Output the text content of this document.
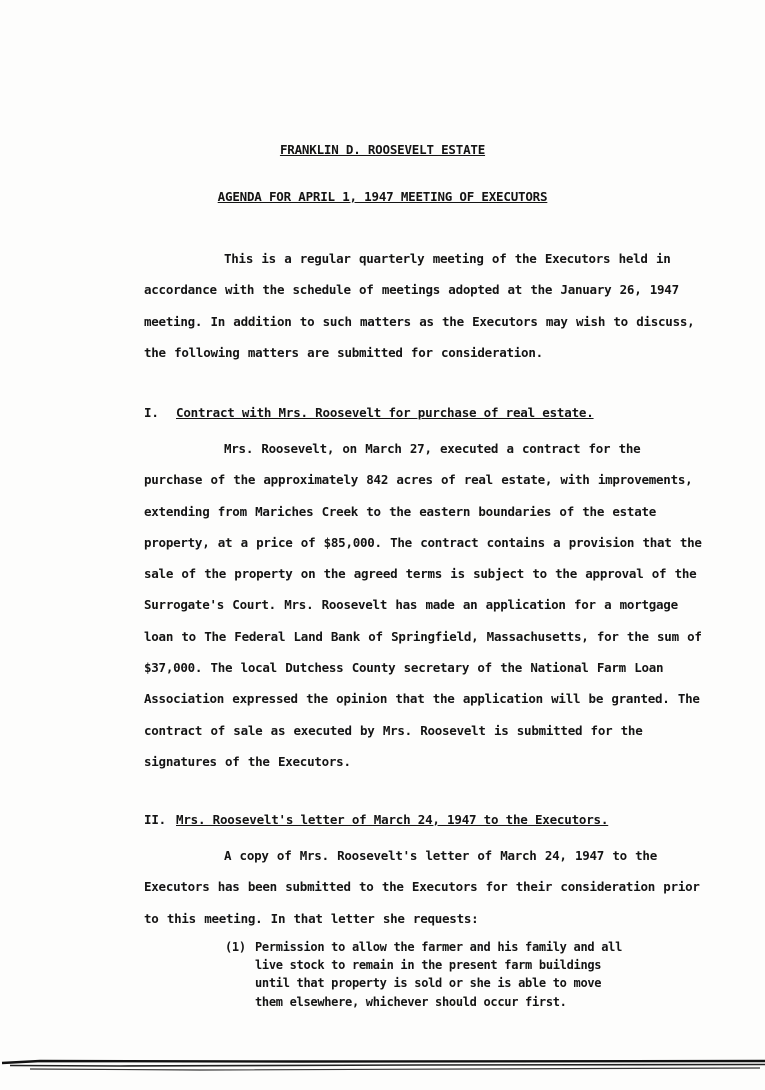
FRANKLIN D. ROOSEVELT ESTATE
AGENDA FOR APRIL 1, 1947 MEETING OF EXECUTORS
This is a regular quarterly meeting of the Executors held in accordance with the schedule of meetings adopted at the January 26, 1947 meeting. In addition to such matters as the Executors may wish to discuss, the following matters are submitted for consideration.
I. Contract with Mrs. Roosevelt for purchase of real estate.
Mrs. Roosevelt, on March 27, executed a contract for the purchase of the approximately 842 acres of real estate, with improvements, extending from Mariches Creek to the eastern boundaries of the estate property, at a price of $85,000. The contract contains a provision that the sale of the property on the agreed terms is subject to the approval of the Surrogate's Court. Mrs. Roosevelt has made an application for a mortgage loan to The Federal Land Bank of Springfield, Massachusetts, for the sum of $37,000. The local Dutchess County secretary of the National Farm Loan Association expressed the opinion that the application will be granted. The contract of sale as executed by Mrs. Roosevelt is submitted for the signatures of the Executors.
II. Mrs. Roosevelt's letter of March 24, 1947 to the Executors.
A copy of Mrs. Roosevelt's letter of March 24, 1947 to the Executors has been submitted to the Executors for their consideration prior to this meeting. In that letter she requests:
(1) Permission to allow the farmer and his family and all live stock to remain in the present farm buildings until that property is sold or she is able to move them elsewhere, whichever should occur first.
